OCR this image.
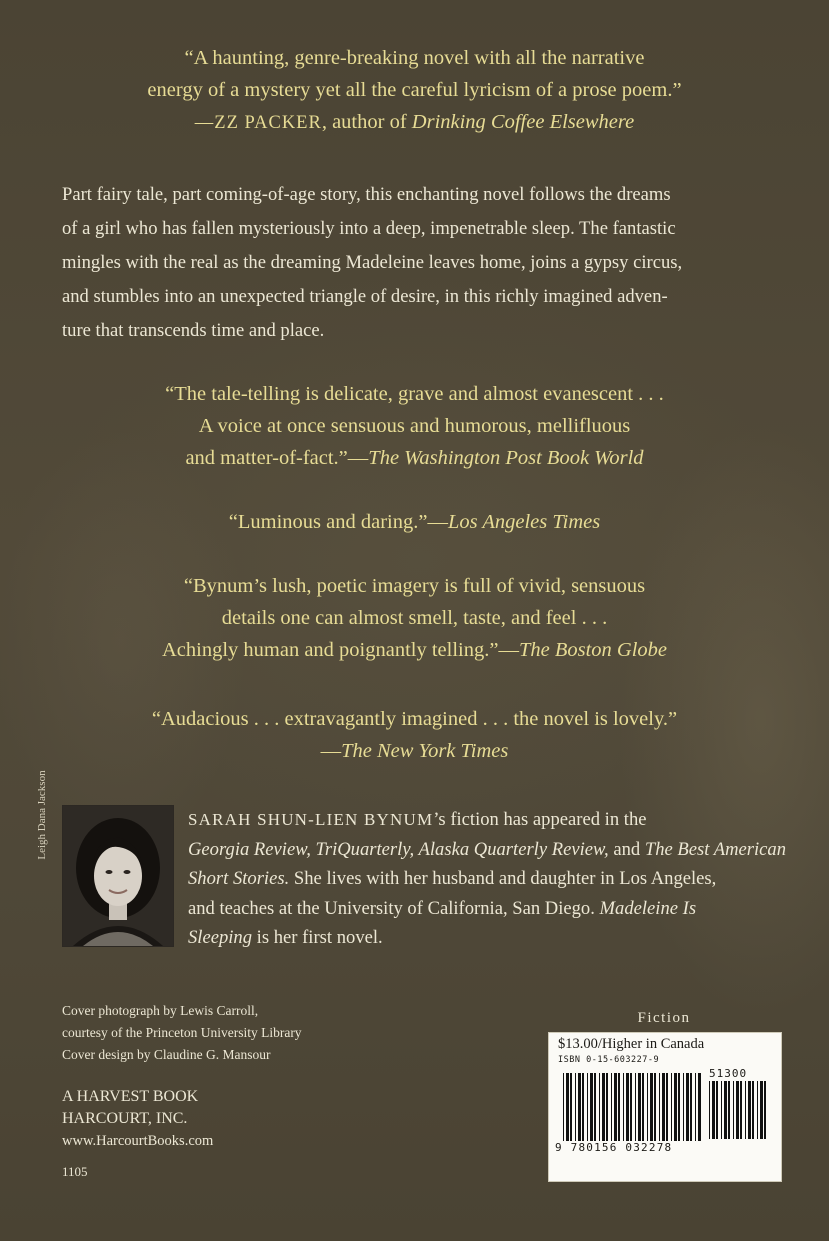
“A haunting, genre-breaking novel with all the narrative
energy of a mystery yet all the careful lyricism of a prose poem.”
—ZZ PACKER, author of Drinking Coffee Elsewhere
Part fairy tale, part coming-of-age story, this enchanting novel follows the dreams
of a girl who has fallen mysteriously into a deep, impenetrable sleep. The fantastic
mingles with the real as the dreaming Madeleine leaves home, joins a gypsy circus,
and stumbles into an unexpected triangle of desire, in this richly imagined adven-
ture that transcends time and place.
“The tale-telling is delicate, grave and almost evanescent . . .
A voice at once sensuous and humorous, mellifluous
and matter-of-fact.”—The Washington Post Book World
“Luminous and daring.”—Los Angeles Times
“Bynum’s lush, poetic imagery is full of vivid, sensuous
details one can almost smell, taste, and feel . . .
Achingly human and poignantly telling.”—The Boston Globe
“Audacious . . . extravagantly imagined . . . the novel is lovely.”
—The New York Times
Leigh Dana Jackson	SARAH SHUN-LIEN BYNUM’s fiction has appeared in the
Georgia Review, TriQuarterly, Alaska Quarterly Review, and The Best American
Short Stories. She lives with her husband and daughter in Los Angeles,
and teaches at the University of California, San Diego. Madeleine Is
Sleeping is her first novel.
Cover photograph by Lewis Carroll,
courtesy of the Princeton University Library
Cover design by Claudine G. Mansour
A HARVEST BOOK
HARCOURT, INC.
www.HarcourtBooks.com
1105
Fiction
$13.00/Higher in Canada
ISBN 0-15-603227-9
51300
9 780156 032278
